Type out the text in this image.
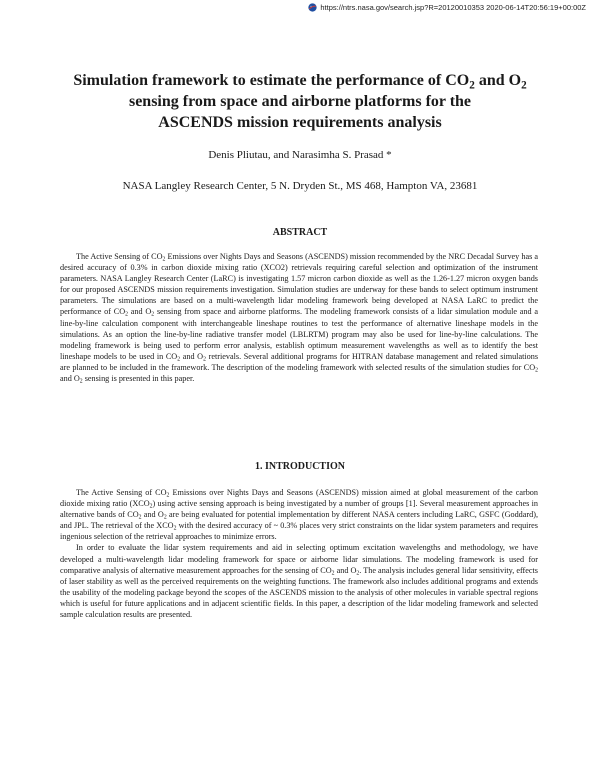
https://ntrs.nasa.gov/search.jsp?R=20120010353 2020-06-14T20:56:19+00:00Z
Simulation framework to estimate the performance of $CO_2$ and $O_2$
sensing from space and airborne platforms for the
ASCENDS mission requirements analysis

Denis Pliutau, and Narasimha S. Prasad *

NASA Langley Research Center, 5 N. Dryden St., MS 468, Hampton VA, 23681

ABSTRACT

The Active Sensing of $CO_2$ Emissions over Nights Days and Seasons (ASCENDS) mission recommended by the NRC Decadal Survey has a desired accuracy of 0.3% in carbon dioxide mixing ratio (XCO2) retrievals requiring careful selection and optimization of the instrument parameters. NASA Langley Research Center (LaRC) is investigating 1.57 micron carbon dioxide as well as the 1.26-1.27 micron oxygen bands for our proposed ASCENDS mission requirements investigation. Simulation studies are underway for these bands to select optimum instrument parameters. The simulations are based on a multi-wavelength lidar modeling framework being developed at NASA LaRC to predict the performance of $CO_2$ and $O_2$ sensing from space and airborne platforms. The modeling framework consists of a lidar simulation module and a line-by-line calculation component with interchangeable lineshape routines to test the performance of alternative lineshape models in the simulations. As an option the line-by-line radiative transfer model (LBLRTM) program may also be used for line-by-line calculations. The modeling framework is being used to perform error analysis, establish optimum measurement wavelengths as well as to identify the best lineshape models to be used in $CO_2$ and $O_2$ retrievals. Several additional programs for HITRAN database management and related simulations are planned to be included in the framework. The description of the modeling framework with selected results of the simulation studies for $CO_2$ and $O_2$ sensing is presented in this paper.

1. INTRODUCTION

The Active Sensing of $CO_2$ Emissions over Nights Days and Seasons (ASCENDS) mission aimed at global measurement of the carbon dioxide mixing ratio $(XCO_2)$ using active sensing approach is being investigated by a number of groups [1]. Several measurement approaches in alternative bands of $CO_2$ and $O_2$ are being evaluated for potential implementation by different NASA centers including LaRC, GSFC (Goddard), and JPL. The retrieval of the $XCO_2$ with the desired accuracy of ~ 0.3% places very strict constraints on the lidar system parameters and requires ingenious selection of the retrieval approaches to minimize errors.
In order to evaluate the lidar system requirements and aid in selecting optimum excitation wavelengths and methodology, we have developed a multi-wavelength lidar modeling framework for space or airborne lidar simulations. The modeling framework is used for comparative analysis of alternative measurement approaches for the sensing of $CO_2$ and $O_2$. The analysis includes general lidar sensitivity, effects of laser stability as well as the perceived requirements on the weighting functions. The framework also includes additional programs and extends the usability of the modeling package beyond the scopes of the ASCENDS mission to the analysis of other molecules in variable spectral regions which is useful for future applications and in adjacent scientific fields. In this paper, a description of the lidar modeling framework and selected sample calculation results are presented.
